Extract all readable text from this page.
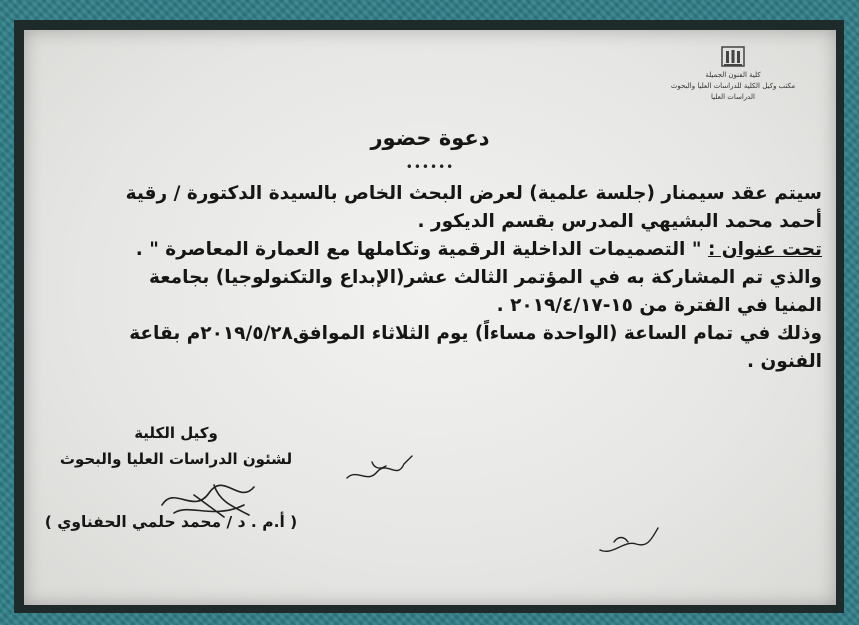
كلية الفنون الجميلة
مكتب وكيل الكلية للدراسات العليا والبحوث
الدراسات العليا
دعوة حضور
••••••

سيتم عقد سيمنار (جلسة علمية) لعرض البحث الخاص بالسيدة الدكتورة / رقية

أحمد محمد البشيهي المدرس بقسم الديكور .

تحت عنوان : " التصميمات الداخلية الرقمية وتكاملها مع العمارة المعاصرة " .

والذي تم المشاركة به في المؤتمر الثالث عشر(الإبداع والتكنولوجيا) بجامعة

المنيا في الفترة من ١٥-٢٠١٩/٤/١٧ .

وذلك في تمام الساعة (الواحدة مساءاً) يوم الثلاثاء الموافق٢٠١٩/٥/٢٨م بقاعة

الفنون .

وكيل الكلية
لشئون الدراسات العليا والبحوث
( أ.م . د / محمد حلمي الحفناوي )
